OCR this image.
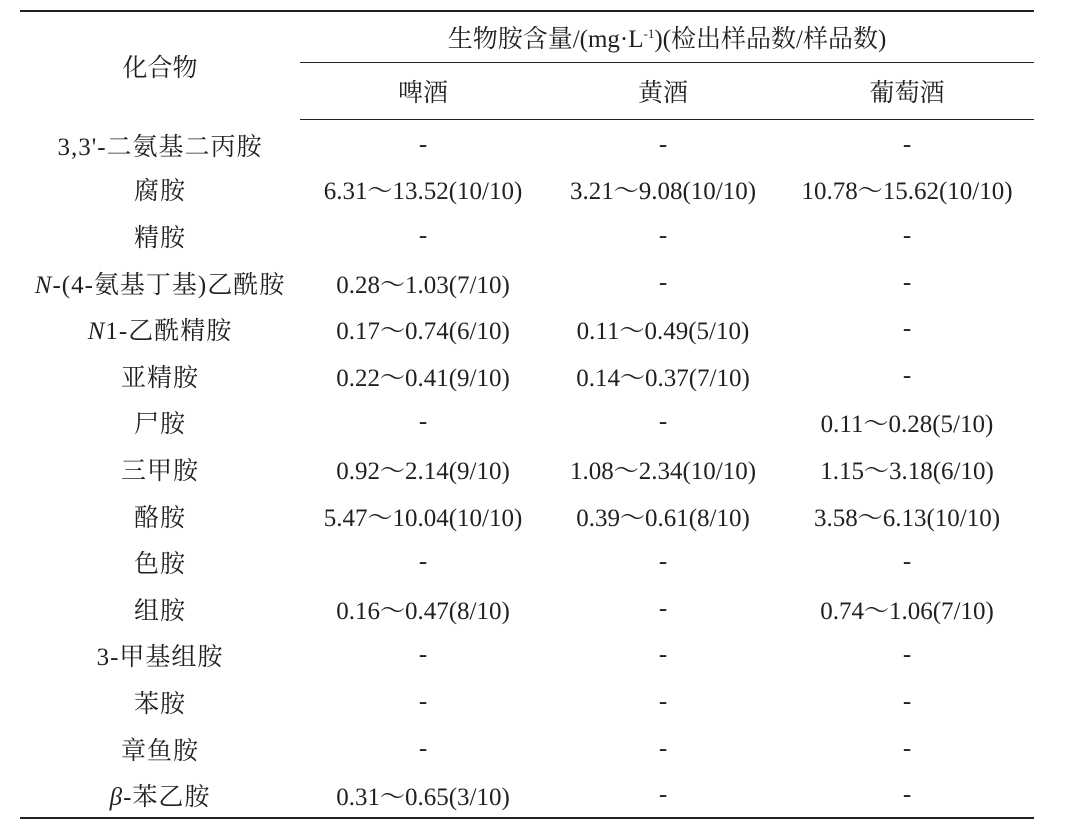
化合物	生物胺含量$/(mg\cdot L^{-1})$(检出样品数/样品数)		
	啤酒	黄酒	葡萄酒
3,3'-二氨基二丙胺	-	-	-
腐胺	6.31～13.52(10/10)	3.21～9.08(10/10)	10.78～15.62(10/10)
精胺	-	-	-
N-(4-氨基丁基)乙酰胺	0.28～1.03(7/10)	-	-
N1-乙酰精胺	0.17～0.74(6/10)	0.11～0.49(5/10)	-
亚精胺	0.22～0.41(9/10)	0.14～0.37(7/10)	-
尸胺	-	-	0.11～0.28(5/10)
三甲胺	0.92～2.14(9/10)	1.08～2.34(10/10)	1.15～3.18(6/10)
酪胺	5.47～10.04(10/10)	0.39～0.61(8/10)	3.58～6.13(10/10)
色胺	-	-	-
组胺	0.16～0.47(8/10)	-	0.74～1.06(7/10)
3-甲基组胺	-	-	-
苯胺	-	-	-
章鱼胺	-	-	-
β-苯乙胺	0.31～0.65(3/10)	-	-
